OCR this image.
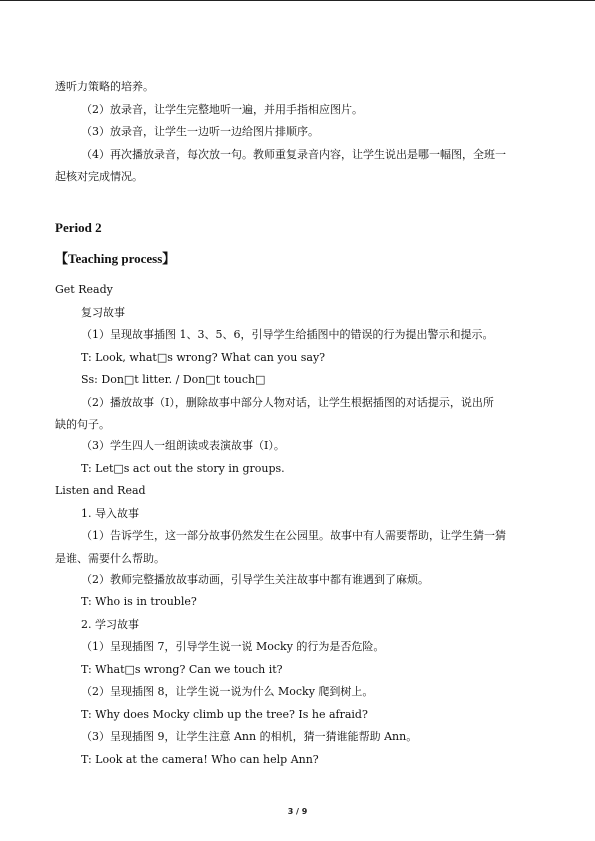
透听力策略的培养。
（2）放录音，让学生完整地听一遍，并用手指相应图片。
（3）放录音，让学生一边听一边给图片排顺序。
（4）再次播放录音，每次放一句。教师重复录音内容，让学生说出是哪一幅图，全班一
起核对完成情况。
Period 2
【Teaching process】
Get Ready
复习故事
（1）呈现故事插图 1、3、5、6，引导学生给插图中的错误的行为提出警示和提示。
T: Look, what□s wrong? What can you say?
Ss: Don□t litter. / Don□t touch□
（2）播放故事（I），删除故事中部分人物对话，让学生根据插图的对话提示，说出所
缺的句子。
（3）学生四人一组朗读或表演故事（I）。
T: Let□s act out the story in groups.
Listen and Read
1. 导入故事
（1）告诉学生，这一部分故事仍然发生在公园里。故事中有人需要帮助，让学生猜一猜
是谁、需要什么帮助。
（2）教师完整播放故事动画，引导学生关注故事中都有谁遇到了麻烦。
T: Who is in trouble?
2. 学习故事
（1）呈现插图 7，引导学生说一说 Mocky 的行为是否危险。
T: What□s wrong? Can we touch it?
（2）呈现插图 8，让学生说一说为什么 Mocky 爬到树上。
T: Why does Mocky climb up the tree? Is he afraid?
（3）呈现插图 9，让学生注意 Ann 的相机，猜一猜谁能帮助 Ann。
T: Look at the camera! Who can help Ann?
3 / 9
